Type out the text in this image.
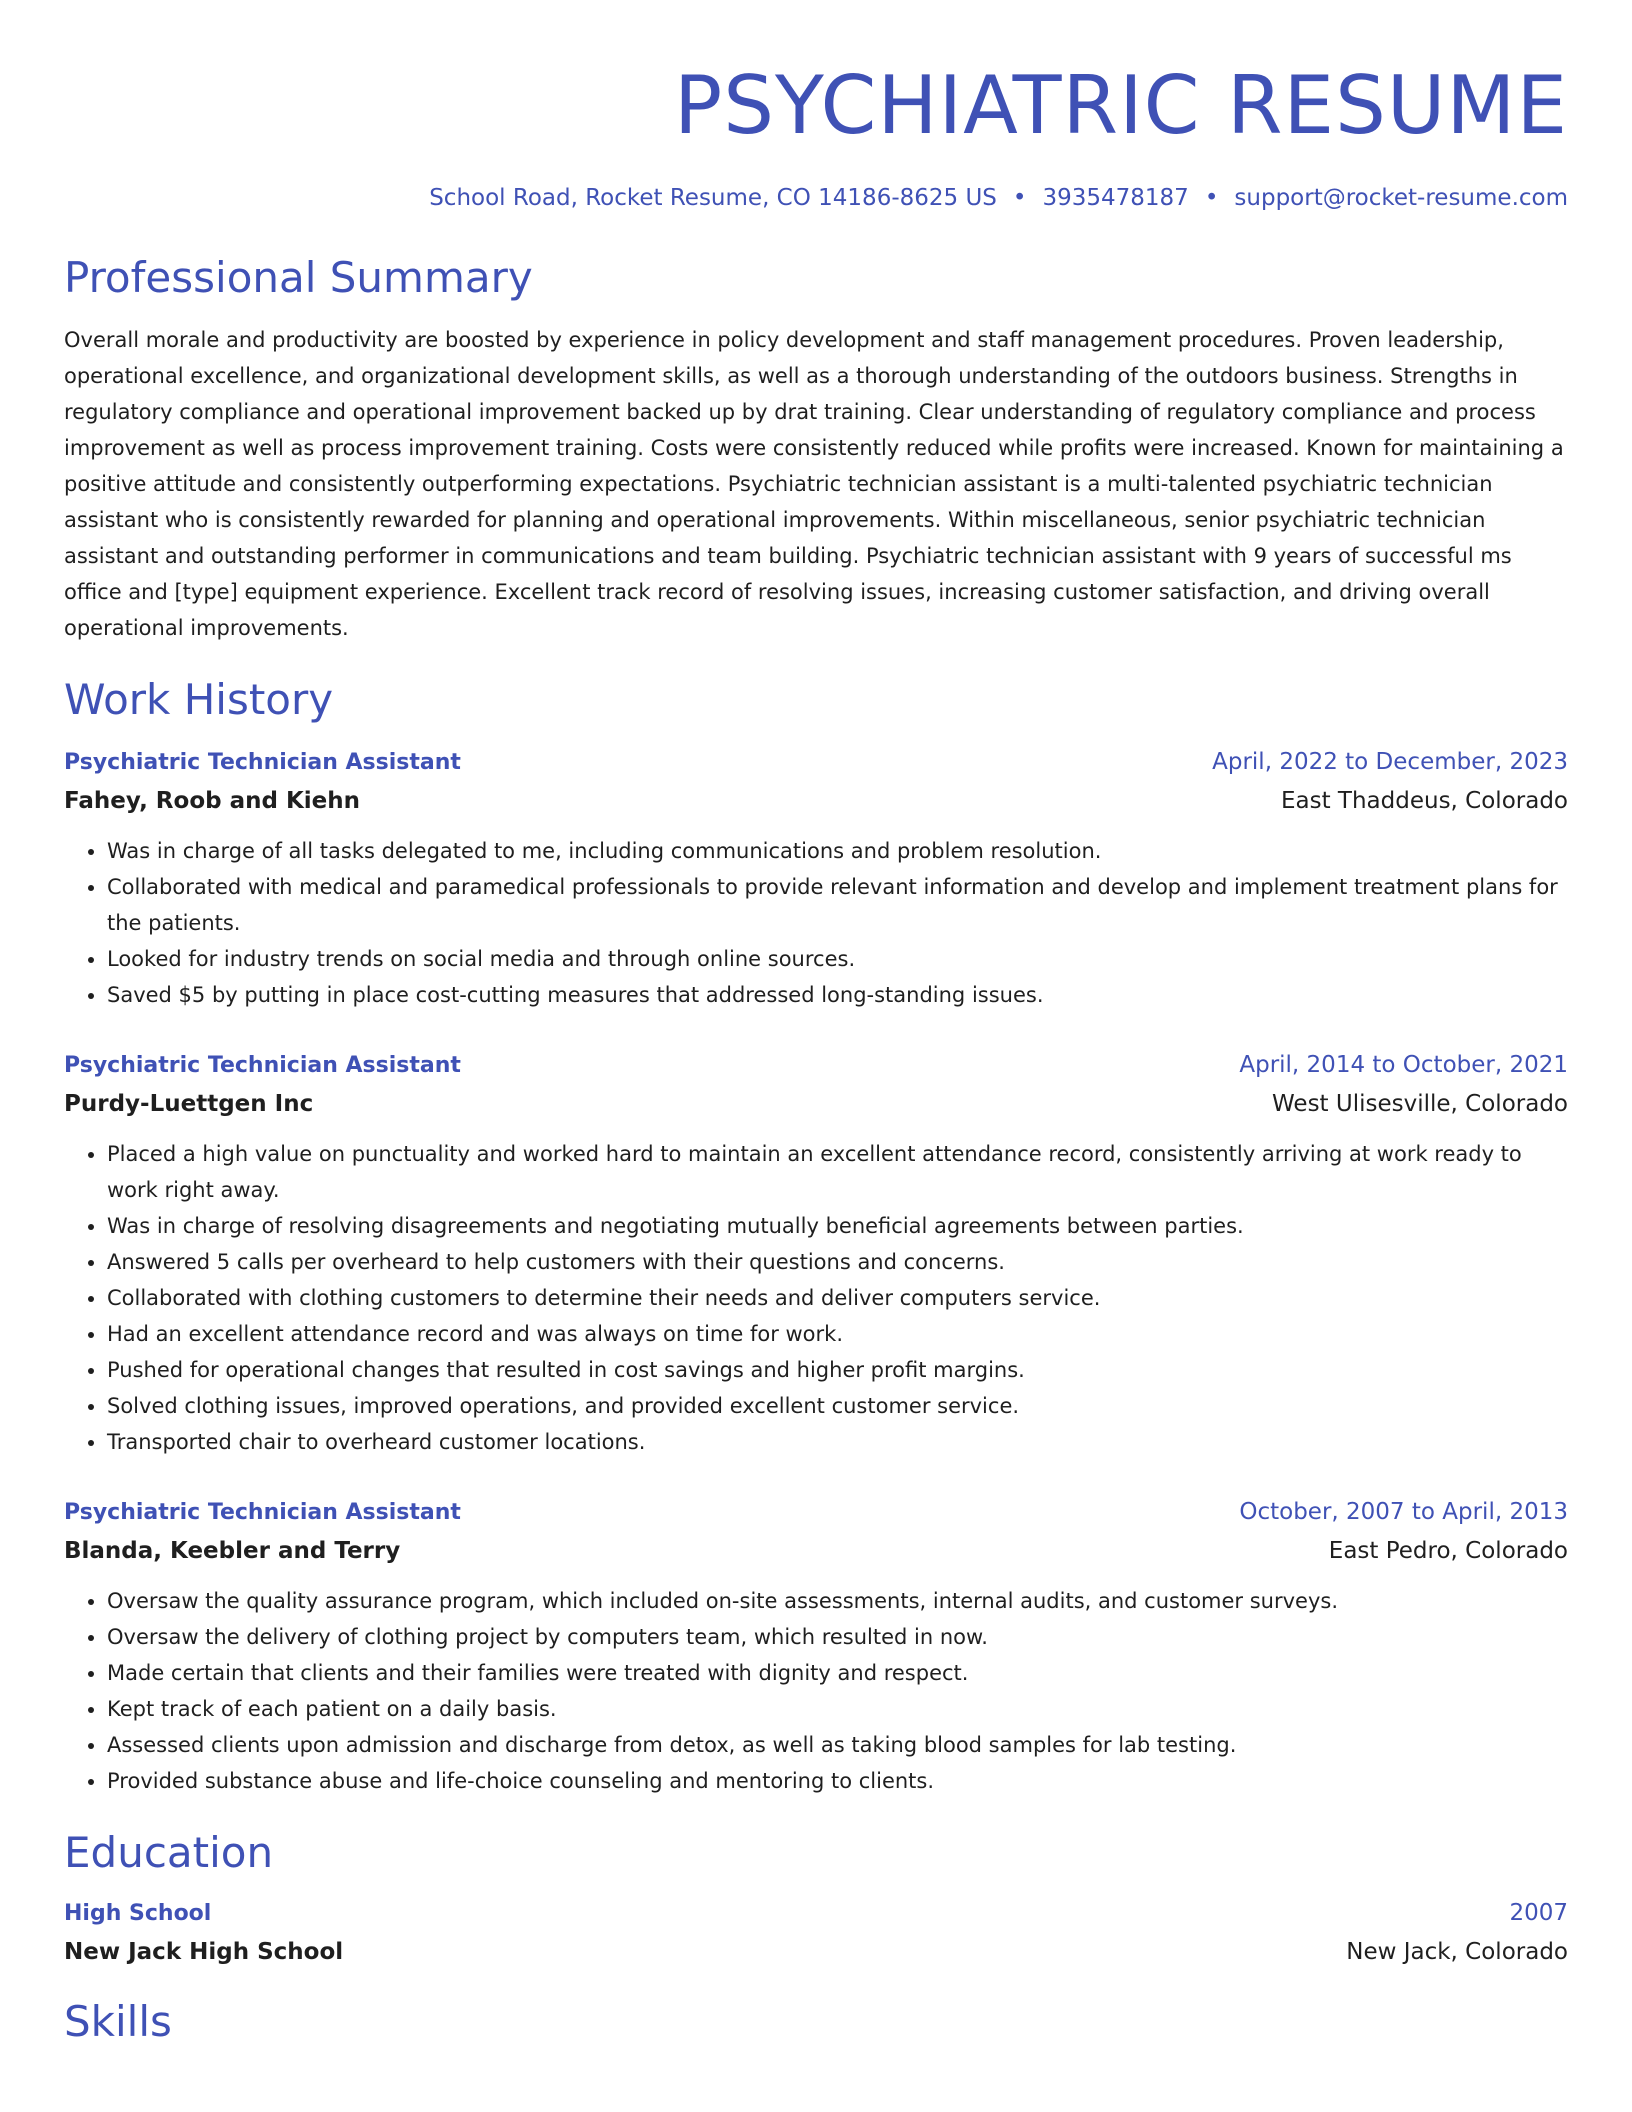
PSYCHIATRIC RESUME
School Road, Rocket Resume, CO 14186-8625 US • 3935478187 • support@rocket-resume.com
Professional Summary

Overall morale and productivity are boosted by experience in policy development and staff management procedures. Proven leadership, operational excellence, and organizational development skills, as well as a thorough understanding of the outdoors business. Strengths in regulatory compliance and operational improvement backed up by drat training. Clear understanding of regulatory compliance and process improvement as well as process improvement training. Costs were consistently reduced while profits were increased. Known for maintaining a positive attitude and consistently outperforming expectations. Psychiatric technician assistant is a multi-talented psychiatric technician assistant who is consistently rewarded for planning and operational improvements. Within miscellaneous, senior psychiatric technician assistant and outstanding performer in communications and team building. Psychiatric technician assistant with 9 years of successful ms office and [type] equipment experience. Excellent track record of resolving issues, increasing customer satisfaction, and driving overall operational improvements.

Work History
Psychiatric Technician Assistant	April, 2022 to December, 2023
Fahey, Roob and Kiehn	East Thaddeus, Colorado
• Was in charge of all tasks delegated to me, including communications and problem resolution.
• Collaborated with medical and paramedical professionals to provide relevant information and develop and implement treatment plans for the patients.
• Looked for industry trends on social media and through online sources.
• Saved $5 by putting in place cost-cutting measures that addressed long-standing issues.
Psychiatric Technician Assistant	April, 2014 to October, 2021
Purdy-Luettgen Inc	West Ulisesville, Colorado
• Placed a high value on punctuality and worked hard to maintain an excellent attendance record, consistently arriving at work ready to work right away.
• Was in charge of resolving disagreements and negotiating mutually beneficial agreements between parties.
• Answered 5 calls per overheard to help customers with their questions and concerns.
• Collaborated with clothing customers to determine their needs and deliver computers service.
• Had an excellent attendance record and was always on time for work.
• Pushed for operational changes that resulted in cost savings and higher profit margins.
• Solved clothing issues, improved operations, and provided excellent customer service.
• Transported chair to overheard customer locations.
Psychiatric Technician Assistant	October, 2007 to April, 2013
Blanda, Keebler and Terry	East Pedro, Colorado
• Oversaw the quality assurance program, which included on-site assessments, internal audits, and customer surveys.
• Oversaw the delivery of clothing project by computers team, which resulted in now.
• Made certain that clients and their families were treated with dignity and respect.
• Kept track of each patient on a daily basis.
• Assessed clients upon admission and discharge from detox, as well as taking blood samples for lab testing.
• Provided substance abuse and life-choice counseling and mentoring to clients.
Education
High School	2007
New Jack High School	New Jack, Colorado
Skills
